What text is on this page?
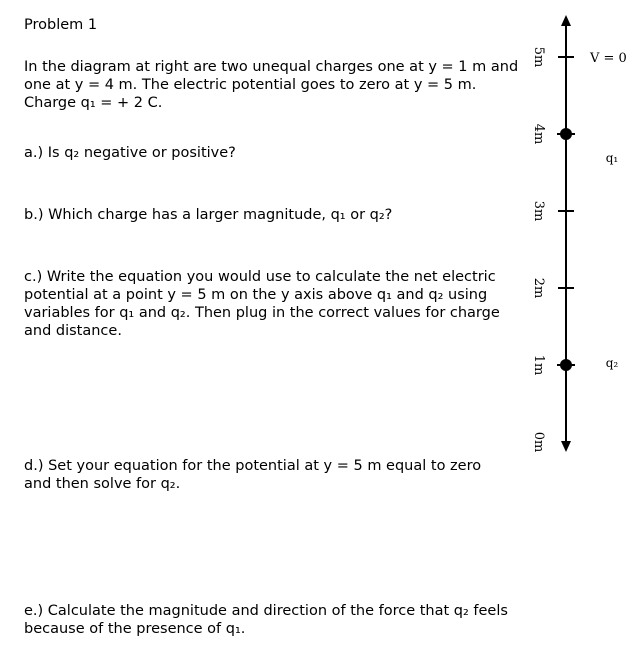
Problem 1

In the diagram at right are two unequal charges one at y = 1 m and one at y = 4 m. The electric potential goes to zero at y = 5 m. Charge q₁ = + 2 C.

a.) Is q₂ negative or positive?

b.) Which charge has a larger magnitude, q₁ or q₂?

c.) Write the equation you would use to calculate the net electric potential at a point y = 5 m on the y axis above q₁ and q₂ using variables for q₁ and q₂. Then plug in the correct values for charge and distance.

d.) Set your equation for the potential at y = 5 m equal to zero and then solve for q₂.

e.) Calculate the magnitude and direction of the force that q₂ feels because of the presence of q₁.

0m
1m
2m
3m
4m
5m
q₁
q₂
V = 0
